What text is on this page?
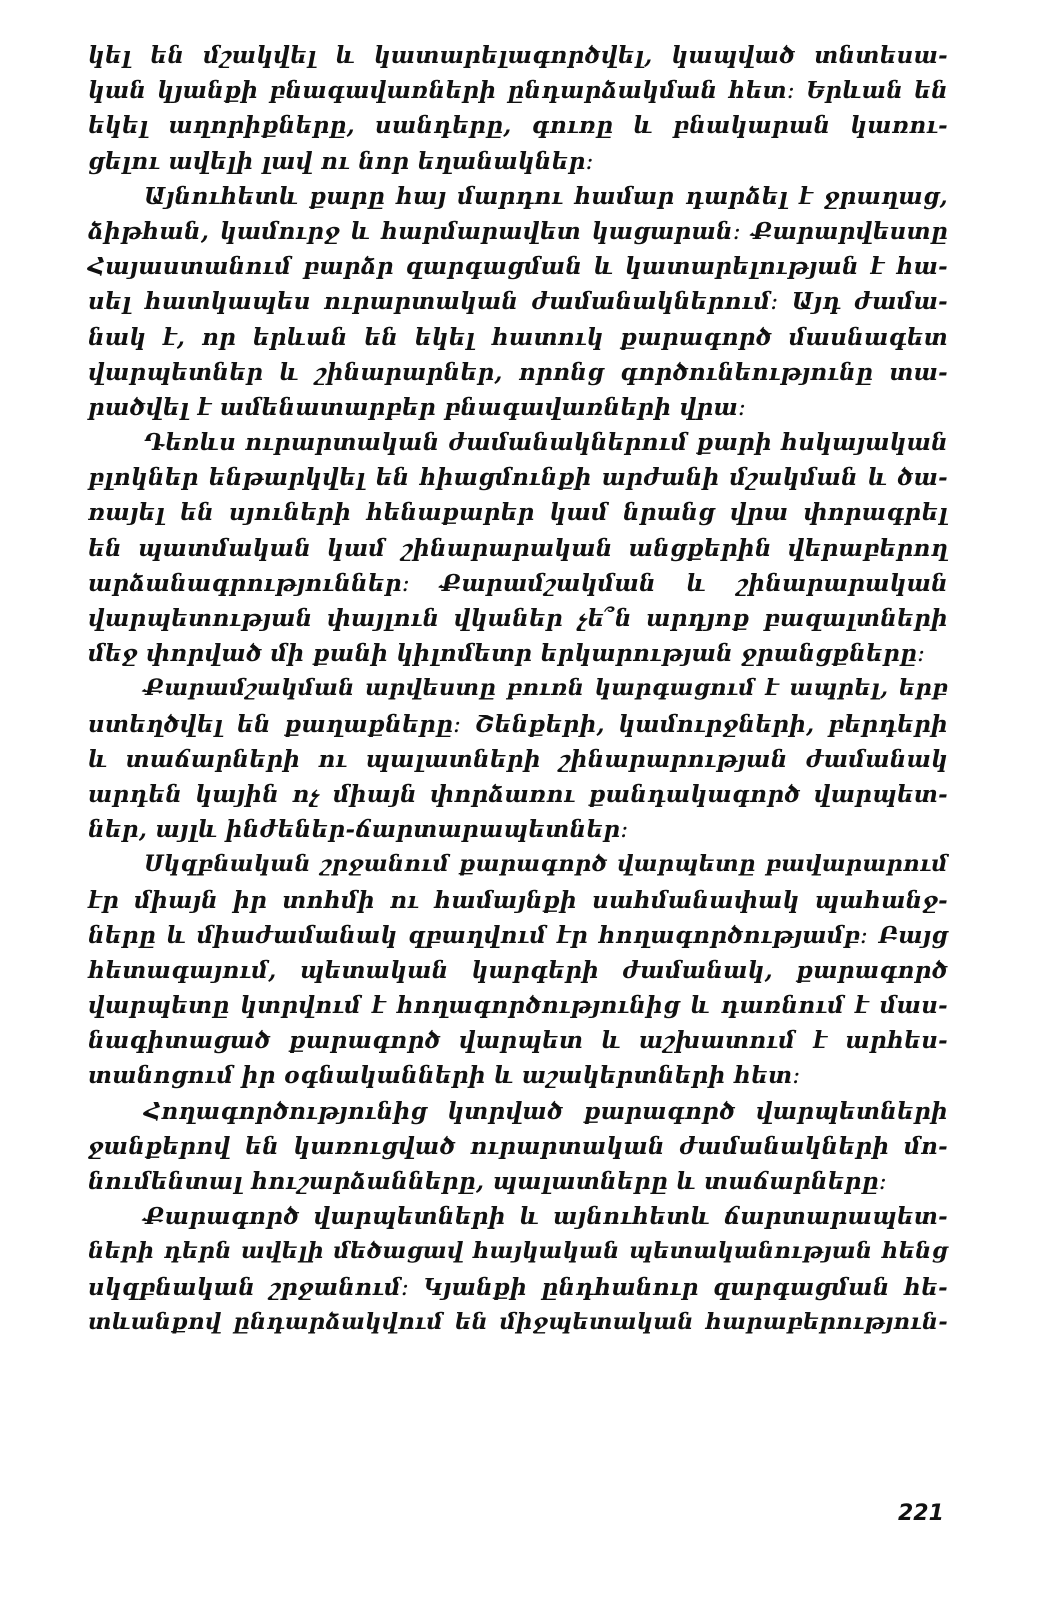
կել են մշակվել և կատարելագործվել, կապված տնտեսա-
կան կյանքի բնագավառների ընդարձակման հետ։ Երևան են
եկել աղորիքները, սանդերը, գուռը և բնակարան կառու-
ցելու ավելի լավ ու նոր եղանակներ։
Այնուհետև քարը հայ մարդու համար դարձել է ջրաղաց,
ձիթհան, կամուրջ և հարմարավետ կացարան։ Քարարվեստը
Հայաստանում բարձր զարգացման և կատարելության է հա-
սել հատկապես ուրարտական ժամանակներում։ Այդ ժամա-
նակ է, որ երևան են եկել հատուկ քարագործ մասնագետ
վարպետներ և շինարարներ, որոնց գործունեությունը տա-
րածվել է ամենատարբեր բնագավառների վրա։
Դեռևս ուրարտական ժամանակներում քարի հսկայական
բլոկներ ենթարկվել են հիացմունքի արժանի մշակման և ծա-
ռայել են սյուների հենաքարեր կամ նրանց վրա փորագրել
են պատմական կամ շինարարական անցքերին վերաբերող
արձանագրություններ։ Քարամշակման և շինարարական
վարպետության փայլուն վկաներ չե՞ն արդյոք բազալտների
մեջ փորված մի քանի կիլոմետր երկարության ջրանցքները։
Քարամշակման արվեստը բուռն կարգացում է ապրել, երբ
ստեղծվել են քաղաքները։ Շենքերի, կամուրջների, բերդերի
և տաճարների ու պալատների շինարարության ժամանակ
արդեն կային ոչ միայն փորձառու քանդակագործ վարպետ-
ներ, այլև ինժեներ-ճարտարապետներ։
Սկզբնական շրջանում քարագործ վարպետը բավարարում
էր միայն իր տոհմի ու համայնքի սահմանափակ պահանջ-
ները և միաժամանակ զբաղվում էր հողագործությամբ։ Բայց
հետագայում, պետական կարգերի ժամանակ, քարագործ
վարպետը կտրվում է հողագործությունից և դառնում է մաս-
նագիտացած քարագործ վարպետ և աշխատում է արհես-
տանոցում իր օգնականների և աշակերտների հետ։
Հողագործությունից կտրված քարագործ վարպետների
ջանքերով են կառուցված ուրարտական ժամանակների մո-
նումենտալ հուշարձանները, պալատները և տաճարները։
Քարագործ վարպետների և այնուհետև ճարտարապետ-
ների դերն ավելի մեծացավ հայկական պետականության հենց
սկզբնական շրջանում։ Կյանքի ընդհանուր զարգացման հե-
տևանքով ընդարձակվում են միջպետական հարաբերություն-
221
